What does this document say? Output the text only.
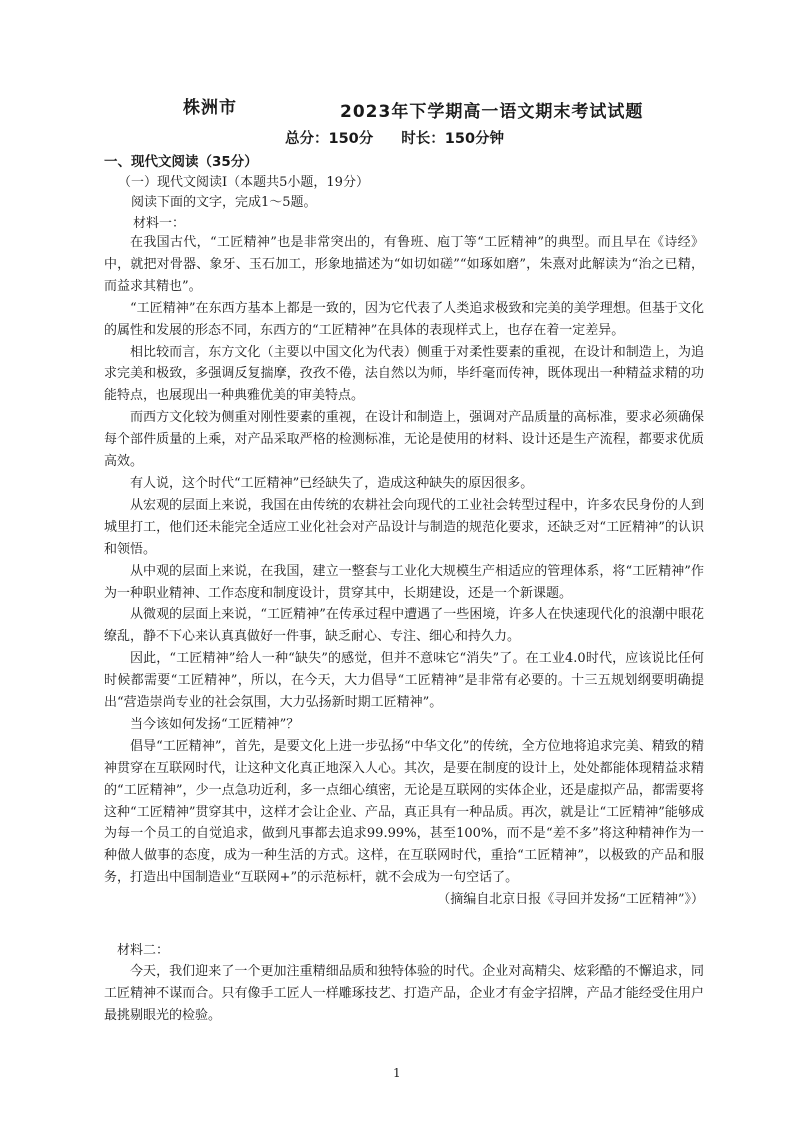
株洲市	2023年下学期高一语文期末考试试题
总分：150分 时长：150分钟
一、现代文阅读（35分）
（一）现代文阅读Ⅰ（本题共5小题，19分）
阅读下面的文字，完成1～5题。
材料一：

在我国古代，“工匠精神”也是非常突出的，有鲁班、庖丁等“工匠精神”的典型。而且早在《诗经》中，就把对骨器、象牙、玉石加工，形象地描述为“如切如磋”“如琢如磨”，朱熹对此解读为“治之已精，而益求其精也”。

“工匠精神”在东西方基本上都是一致的，因为它代表了人类追求极致和完美的美学理想。但基于文化的属性和发展的形态不同，东西方的“工匠精神”在具体的表现样式上，也存在着一定差异。

相比较而言，东方文化（主要以中国文化为代表）侧重于对柔性要素的重视，在设计和制造上，为追求完美和极致，多强调反复揣摩，孜孜不倦，法自然以为师，毕纤毫而传神，既体现出一种精益求精的功能特点，也展现出一种典雅优美的审美特点。

而西方文化较为侧重对刚性要素的重视，在设计和制造上，强调对产品质量的高标准，要求必须确保每个部件质量的上乘，对产品采取严格的检测标准，无论是使用的材料、设计还是生产流程，都要求优质高效。

有人说，这个时代“工匠精神”已经缺失了，造成这种缺失的原因很多。

从宏观的层面上来说，我国在由传统的农耕社会向现代的工业社会转型过程中，许多农民身份的人到城里打工，他们还未能完全适应工业化社会对产品设计与制造的规范化要求，还缺乏对“工匠精神”的认识和领悟。

从中观的层面上来说，在我国，建立一整套与工业化大规模生产相适应的管理体系，将“工匠精神”作为一种职业精神、工作态度和制度设计，贯穿其中，长期建设，还是一个新课题。

从微观的层面上来说，“工匠精神”在传承过程中遭遇了一些困境，许多人在快速现代化的浪潮中眼花缭乱，静不下心来认真真做好一件事，缺乏耐心、专注、细心和持久力。

因此，“工匠精神”给人一种“缺失”的感觉，但并不意味它“消失”了。在工业4.0时代，应该说比任何时候都需要“工匠精神”，所以，在今天，大力倡导“工匠精神”是非常有必要的。十三五规划纲要明确提出“营造崇尚专业的社会氛围，大力弘扬新时期工匠精神”。

当今该如何发扬“工匠精神”？

倡导“工匠精神”，首先，是要文化上进一步弘扬“中华文化”的传统，全方位地将追求完美、精致的精神贯穿在互联网时代，让这种文化真正地深入人心。其次，是要在制度的设计上，处处都能体现精益求精的“工匠精神”，少一点急功近利，多一点细心缜密，无论是互联网的实体企业，还是虚拟产品，都需要将这种“工匠精神”贯穿其中，这样才会让企业、产品，真正具有一种品质。再次，就是让“工匠精神”能够成为每一个员工的自觉追求，做到凡事都去追求99.99%，甚至100%，而不是“差不多”将这种精神作为一种做人做事的态度，成为一种生活的方式。这样，在互联网时代，重拾“工匠精神”，以极致的产品和服务，打造出中国制造业“互联网+”的示范标杆，就不会成为一句空话了。

（摘编自北京日报《寻回并发扬“工匠精神”》）

材料二：

今天，我们迎来了一个更加注重精细品质和独特体验的时代。企业对高精尖、炫彩酷的不懈追求，同工匠精神不谋而合。只有像手工匠人一样雕琢技艺、打造产品，企业才有金字招牌，产品才能经受住用户最挑剔眼光的检验。

1
